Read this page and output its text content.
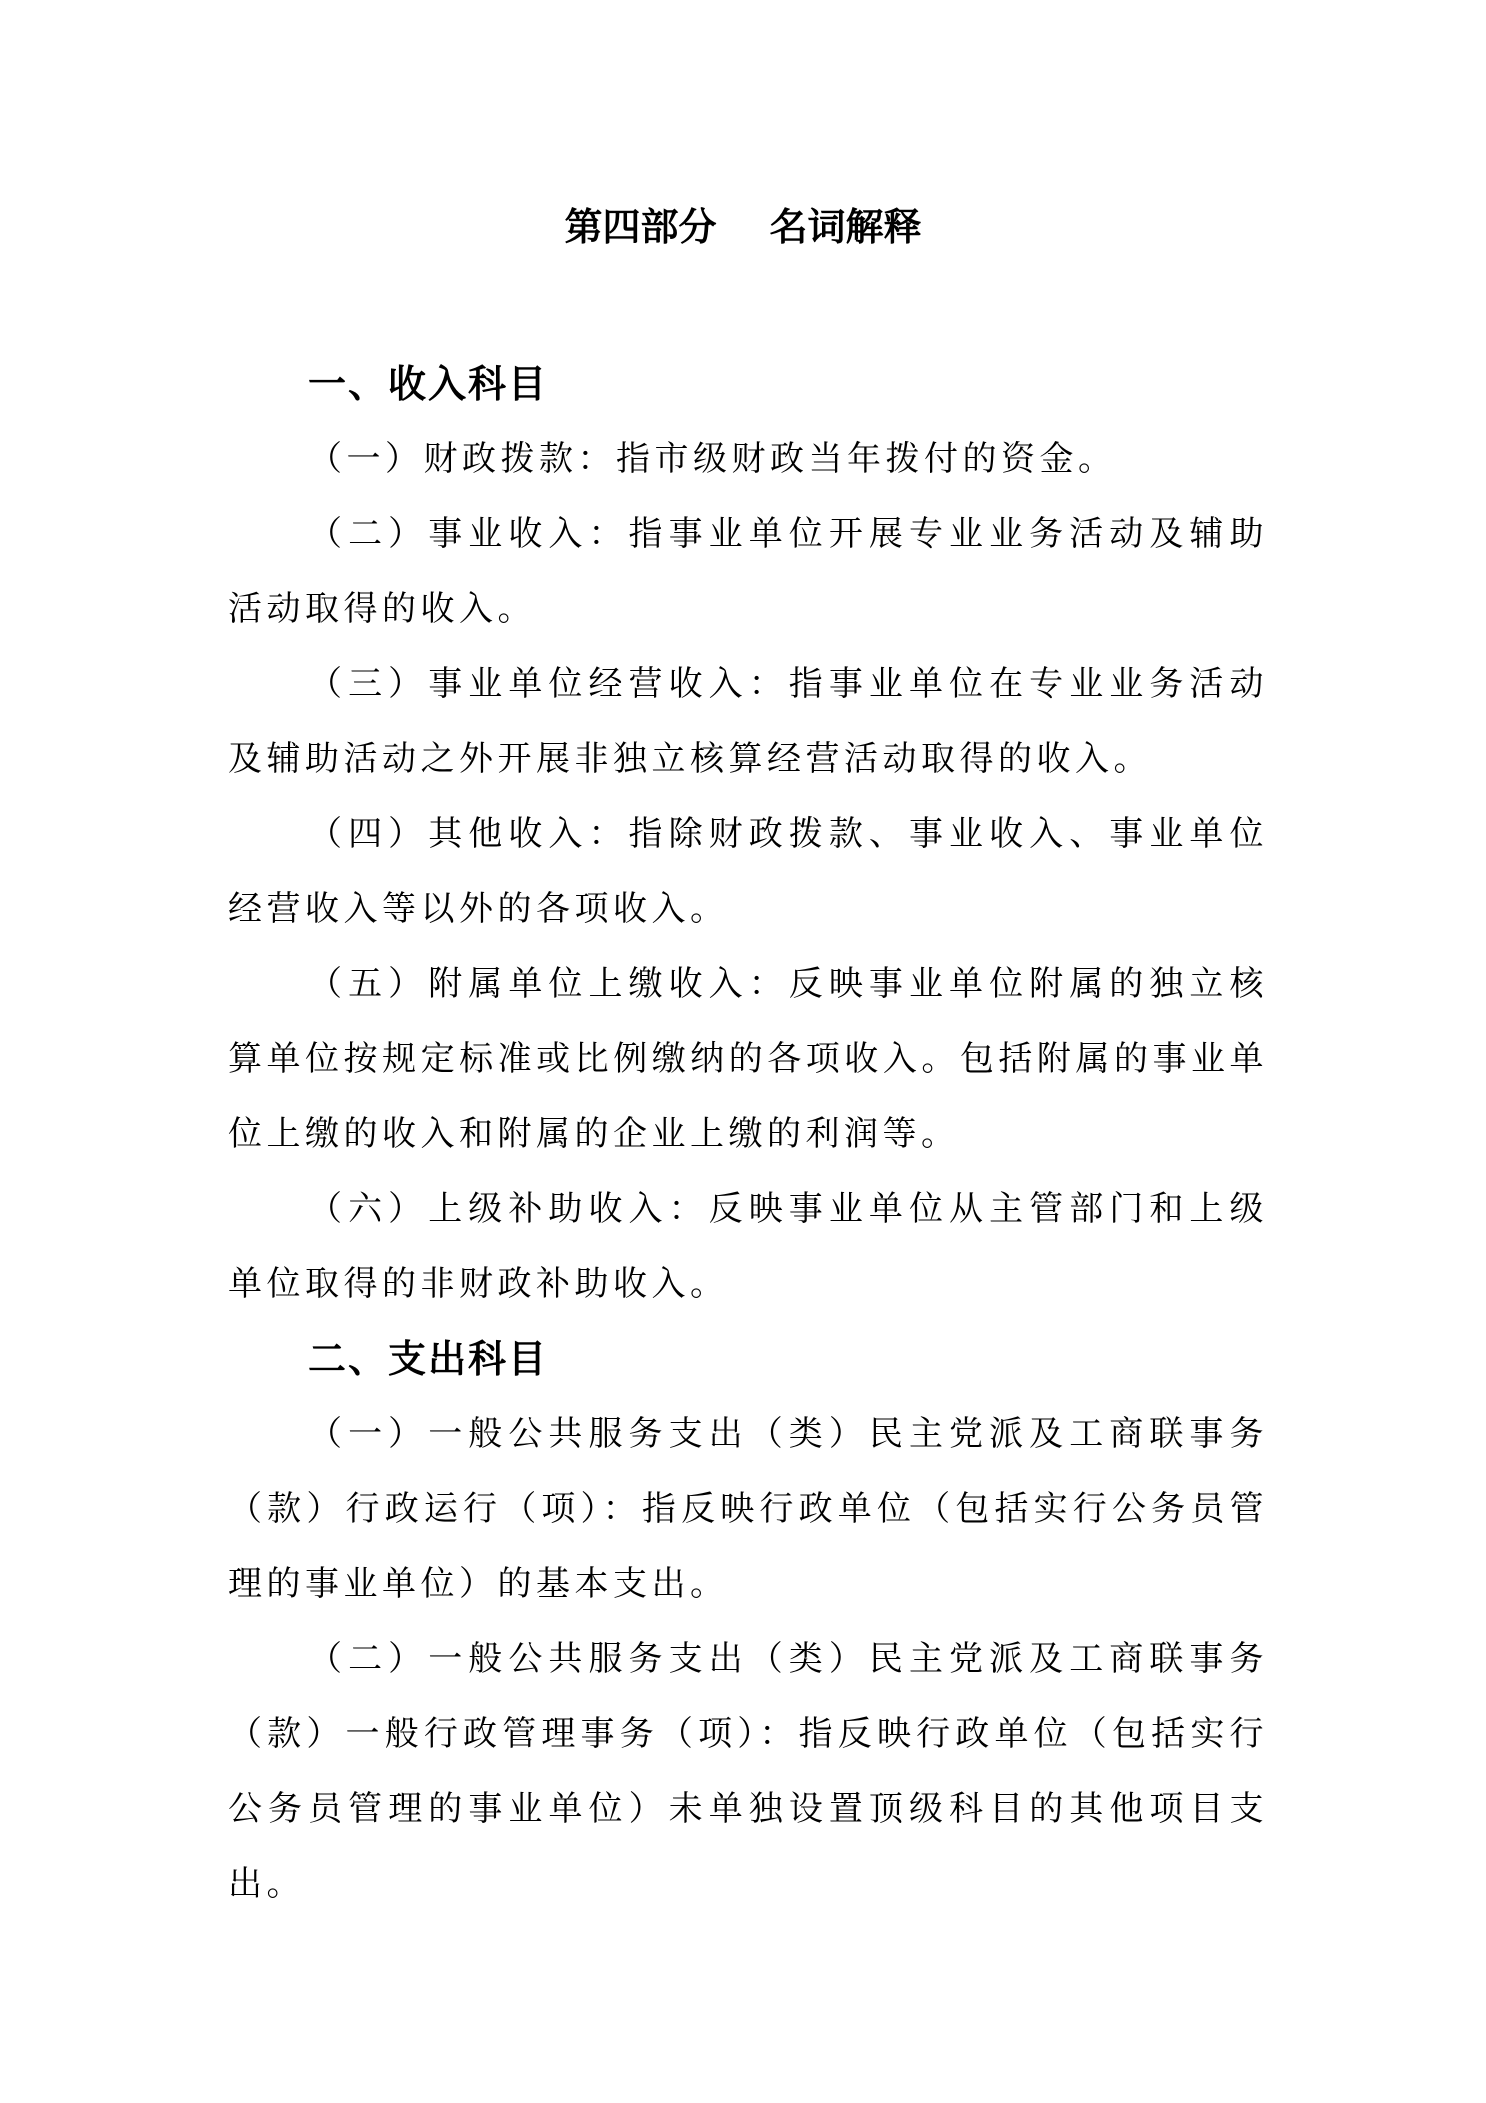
第四部分    名词解释
一、收入科目

（一）财政拨款：指市级财政当年拨付的资金。

（二）事业收入：指事业单位开展专业业务活动及辅助活动取得的收入。

（三）事业单位经营收入：指事业单位在专业业务活动及辅助活动之外开展非独立核算经营活动取得的收入。

（四）其他收入：指除财政拨款、事业收入、事业单位经营收入等以外的各项收入。

（五）附属单位上缴收入：反映事业单位附属的独立核算单位按规定标准或比例缴纳的各项收入。包括附属的事业单位上缴的收入和附属的企业上缴的利润等。

（六）上级补助收入：反映事业单位从主管部门和上级单位取得的非财政补助收入。

二、支出科目

（一）一般公共服务支出（类）民主党派及工商联事务（款）行政运行（项）：指反映行政单位（包括实行公务员管理的事业单位）的基本支出。

（二）一般公共服务支出（类）民主党派及工商联事务（款）一般行政管理事务（项）：指反映行政单位（包括实行公务员管理的事业单位）未单独设置顶级科目的其他项目支出。
